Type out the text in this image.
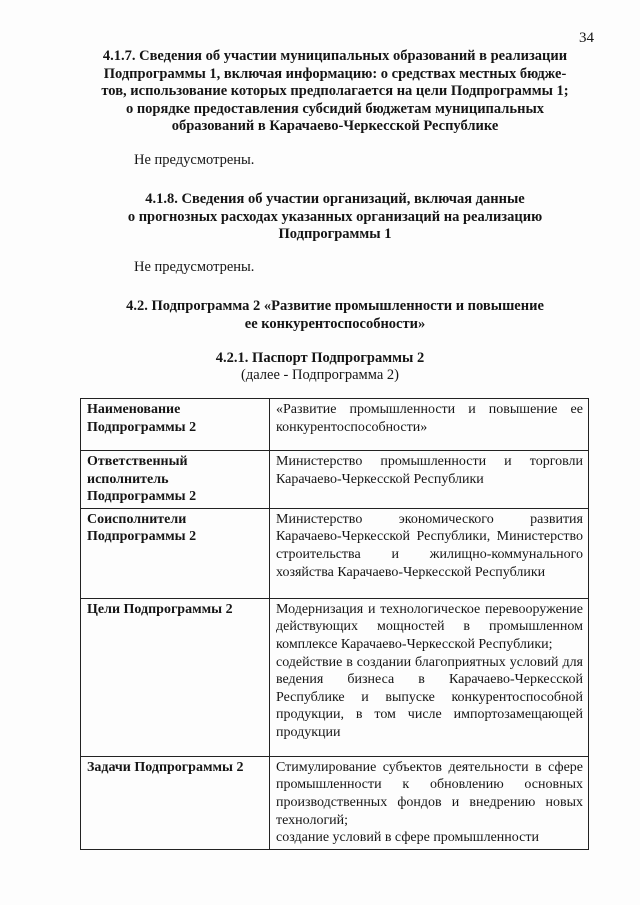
34
4.1.7. Сведения об участии муниципальных образований в реализации
Подпрограммы 1, включая информацию: о средствах местных бюдже-
тов, использование которых предполагается на цели Подпрограммы 1;
о порядке предоставления субсидий бюджетам муниципальных
образований в Карачаево-Черкесской Республике
Не предусмотрены.
4.1.8. Сведения об участии организаций, включая данные
о прогнозных расходах указанных организаций на реализацию
Подпрограммы 1
Не предусмотрены.
4.2. Подпрограмма 2 «Развитие промышленности и повышение
ее конкурентоспособности»
4.2.1. Паспорт Подпрограммы 2
(далее - Подпрограмма 2)
Наименование Подпрограммы 2	«Развитие промышленности и повышение ее конкурентоспособности»

Ответственный исполнитель Подпрограммы 2	Министерство промышленности и торговли Карачаево-Черкесской Республики

Соисполнители Подпрограммы 2	Министерство экономического развития Карачаево-Черкесской Республики, Министерство строительства и жилищно-коммунального хозяйства Карачаево-Черкесской Республики

Цели Подпрограммы 2	Модернизация и технологическое перевооружение действующих мощностей в промышленном комплексе Карачаево-Черкесской Республики;
содействие в создании благоприятных условий для ведения бизнеса в Карачаево-Черкесской Республике и выпуске конкурентоспособной продукции, в том числе импортозамещающей продукции

Задачи Подпрограммы 2	Стимулирование субъектов деятельности в сфере промышленности к обновлению основных производственных фондов и внедрению новых технологий;
создание условий в сфере промышленности
